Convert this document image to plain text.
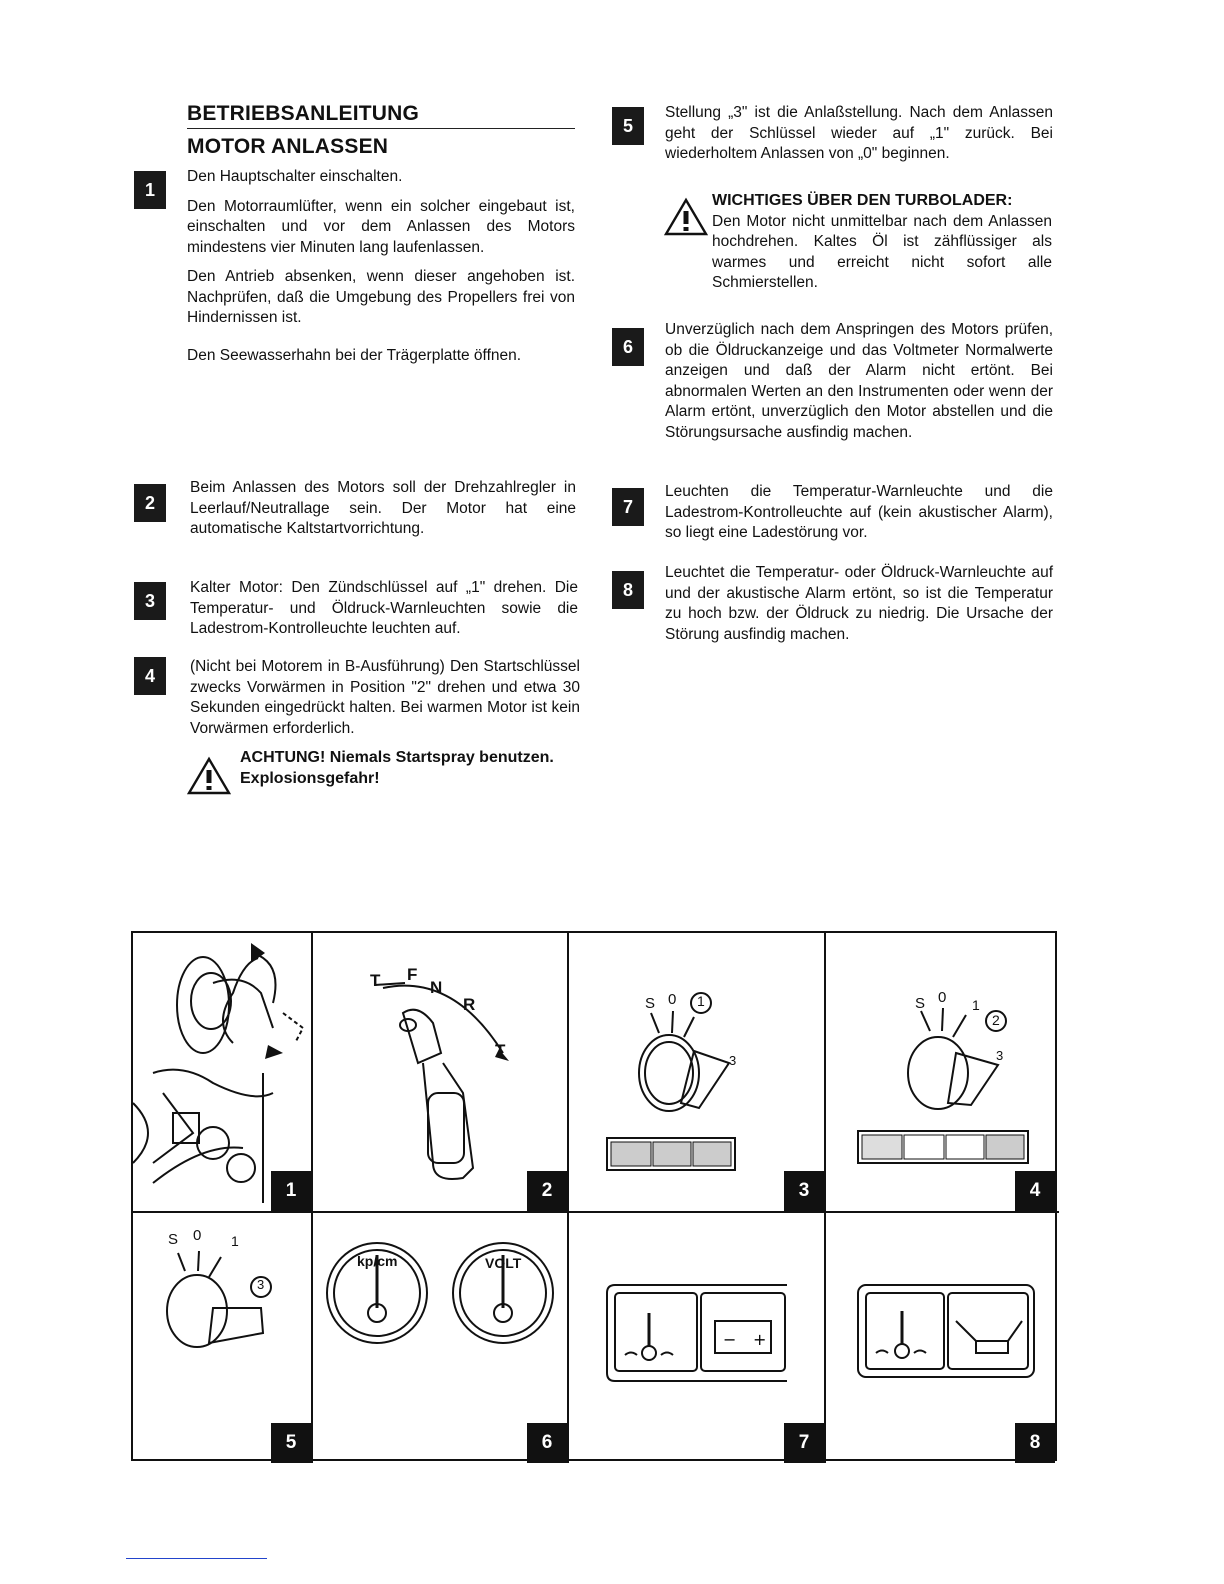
BETRIEBSANLEITUNG
MOTOR ANLASSEN
1
Den Hauptschalter einschalten.
Den Motorraumlüfter, wenn ein solcher eingebaut ist, einschalten und vor dem Anlassen des Motors mindestens vier Minuten lang laufenlassen.
Den Antrieb absenken, wenn dieser angehoben ist. Nachprüfen, daß die Umgebung des Propellers frei von Hindernissen ist.
Den Seewasserhahn bei der Trägerplatte öffnen.
2
Beim Anlassen des Motors soll der Drehzahlregler in Leerlauf/Neutrallage sein. Der Motor hat eine automatische Kaltstartvorrichtung.
3
Kalter Motor: Den Zündschlüssel auf „1" drehen. Die Temperatur- und Öldruck-Warnleuchten sowie die Ladestrom-Kontrolleuchte leuchten auf.
4	(Nicht bei Motorem in B-Ausführung) Den Startschlüssel zwecks Vorwärmen in Position "2" drehen und etwa 30 Sekunden eingedrückt halten. Bei warmen Motor ist kein Vorwärmen erforderlich.
ACHTUNG! Niemals Startspray benutzen.
Explosionsgefahr!
5
Stellung „3" ist die Anlaßstellung. Nach dem Anlassen geht der Schlüssel wieder auf „1" zurück. Bei wiederholtem Anlassen von „0" beginnen.
WICHTIGES ÜBER DEN TURBOLADER:
Den Motor nicht unmittelbar nach dem Anlassen hochdrehen. Kaltes Öl ist zähflüssiger als warmes und erreicht nicht sofort alle Schmierstellen.
6
Unverzüglich nach dem Anspringen des Motors prüfen, ob die Öldruckanzeige und das Voltmeter Normalwerte anzeigen und daß der Alarm nicht ertönt. Bei abnormalen Werten an den Instrumenten oder wenn der Alarm ertönt, unverzüglich den Motor abstellen und die Störungsursache ausfindig machen.
7
Leuchten die Temperatur-Warnleuchte und die Ladestrom-Kontrolleuchte auf (kein akustischer Alarm), so liegt eine Ladestörung vor.
8
Leuchtet die Temperatur- oder Öldruck-Warnleuchte auf und der akustische Alarm ertönt, so ist die Temperatur zu hoch bzw. der Öldruck zu niedrig. Die Ursache der Störung ausfindig machen.
1
T F
N
R
T
2
S 0 1
3
3
S 0 1
2
3
4
S 0 1
3
5
kp/cm	VOLT
6
− +
7	8
